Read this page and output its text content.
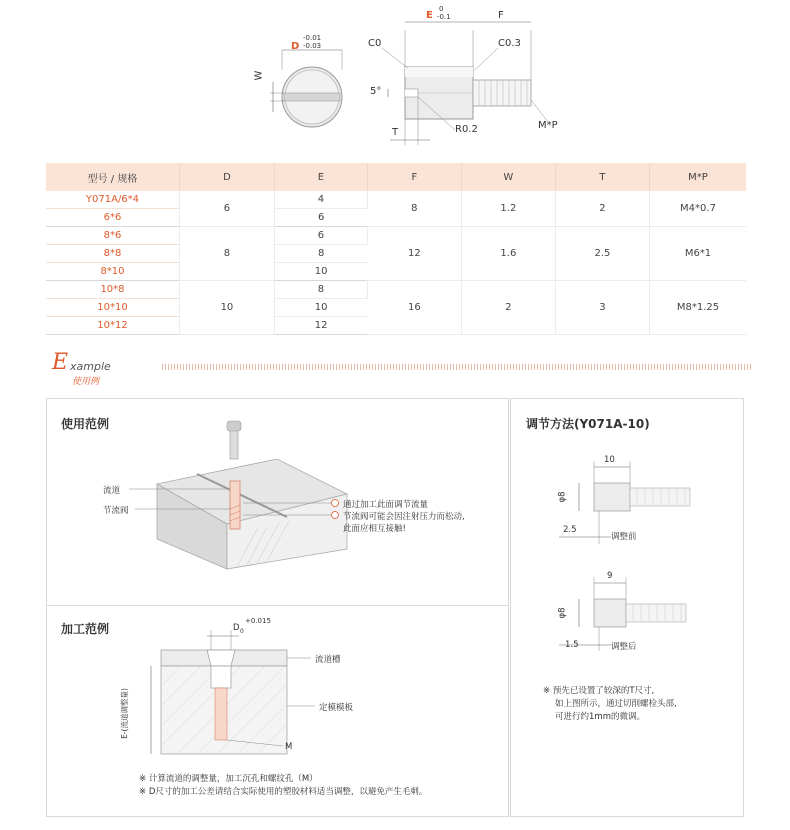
D
-0.01
-0.03
W
E
0
-0.1	F
C0	C0.3
5°
T	R0.2	M*P
型号 / 规格	D	E	F	W	T	M*P
Y071A/6*4	6	4	8	1.2	2	M4*0.7
6*6		6				
8*6	8	6	12	1.6	2.5	M6*1
8*8		8				
8*10		10				
10*8	10	8	16	2	3	M8*1.25
10*10		10				
10*12		12				
E xample
使用例
使用范例
流道
节流阀
通过加工此面调节流量
节流阀可能会因注射压力而松动,
此面应相互接触!
加工范例	D 0
+0.015
流道槽
定模模板
E-(流道调整量)
M
※ 计算流道的调整量，加工沉孔和螺纹孔（M）
※ D尺寸的加工公差请结合实际使用的塑胶材料适当调整，以避免产生毛刺。
调节方法(Y071A-10)
10
φ8
2.5
调整前
9
φ8
1.5	调整后
※ 预先已设置了较深的T尺寸,
如上图所示，通过切削螺栓头部,
可进行约1mm的微调。
